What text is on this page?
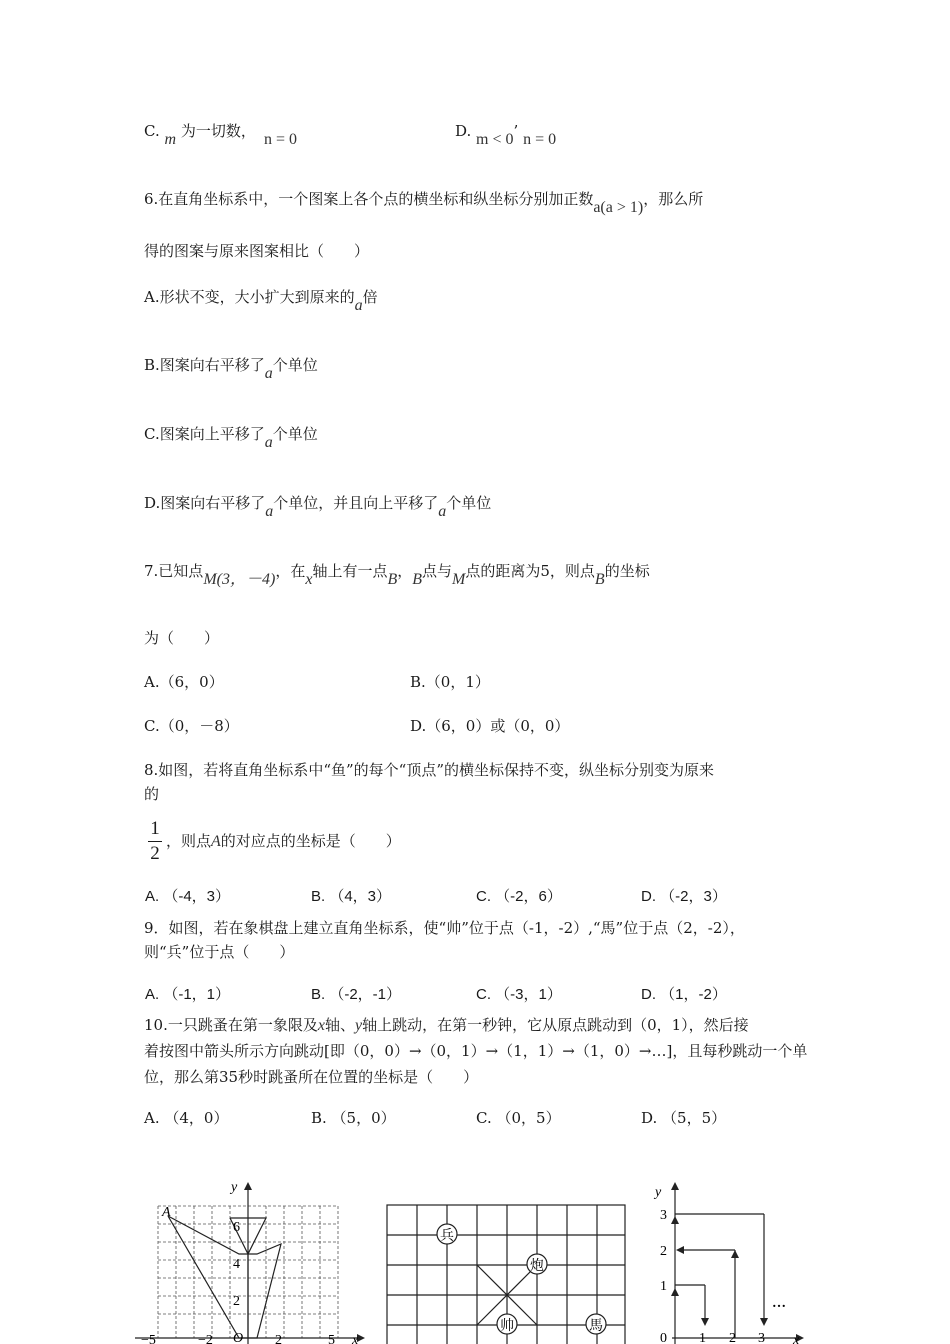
C. m 为一切数， n = 0	D. m < 0’ n = 0
6.在直角坐标系中，一个图案上各个点的横坐标和纵坐标分别加正数a(a > 1)，那么所
得的图案与原来图案相比（　　）
A.形状不变，大小扩大到原来的a倍
B.图案向右平移了a个单位
C.图案向上平移了a个单位
D.图案向右平移了a个单位，并且向上平移了a个单位
7.已知点M(3，－4)，在x轴上有一点B，B点与M点的距离为5，则点B的坐标
为（　　）
A.（6，0）	B.（0，1）
C.（0，－8）	D.（6，0）或（0，0）
8.如图，若将直角坐标系中“鱼”的每个“顶点”的横坐标保持不变，纵坐标分别变为原来
的
1
2
，则点A的对应点的坐标是（　　）
A. （-4，3）	B. （4，3）	C. （-2，6）	D. （-2，3）
9．如图，若在象棋盘上建立直角坐标系，使“帅”位于点（-1，-2）,“馬”位于点（2，-2），
则“兵”位于点（　　）
A. （-1，1）	B. （-2，-1）	C. （-3，1）	D. （1，-2）
10.一只跳蚤在第一象限及x轴、y轴上跳动，在第一秒钟，它从原点跳动到（0，1），然后接
着按图中箭头所示方向跳动[即（0，0）→（0，1）→（1，1）→（1，0）→…]，且每秒跳动一个单
位，那么第35秒时跳蚤所在位置的坐标是（　　）
A. （4，0）	B. （5，0）	C. （0，5）	D. （5，5）
y
x
A
O
6
4
2
−5	−2	2	5
兵
炮
帅	馬
y
x
0 1 2 3
1
2
3
…
